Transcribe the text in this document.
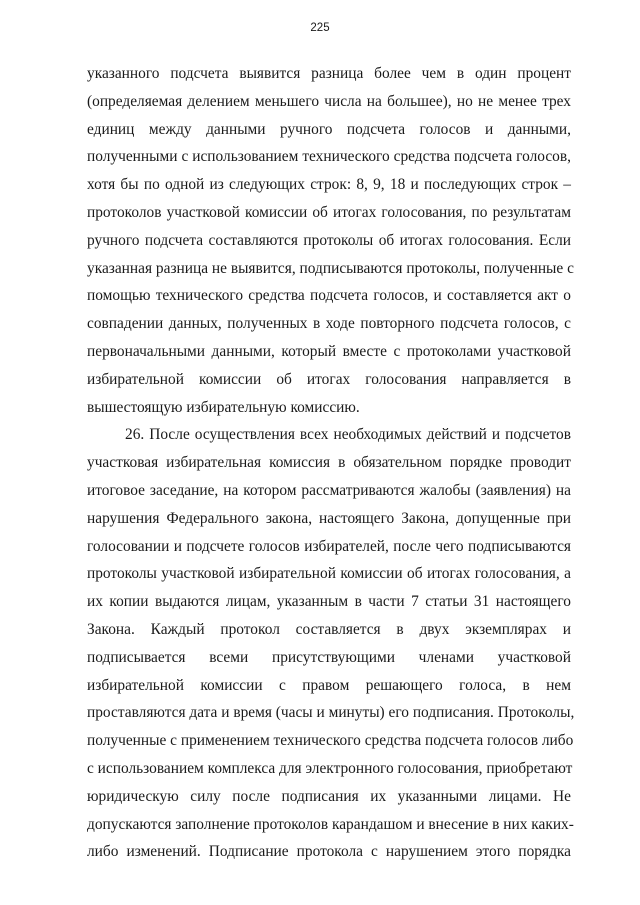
225
указанного подсчета выявится разница более чем в один процент
(определяемая делением меньшего числа на большее), но не менее трех
единиц между данными ручного подсчета голосов и данными,
полученными с использованием технического средства подсчета голосов,
хотя бы по одной из следующих строк: 8, 9, 18 и последующих строк –
протоколов участковой комиссии об итогах голосования, по результатам
ручного подсчета составляются протоколы об итогах голосования. Если
указанная разница не выявится, подписываются протоколы, полученные с
помощью технического средства подсчета голосов, и составляется акт о
совпадении данных, полученных в ходе повторного подсчета голосов, с
первоначальными данными, который вместе с протоколами участковой
избирательной комиссии об итогах голосования направляется в
вышестоящую избирательную комиссию.
26. После осуществления всех необходимых действий и подсчетов
участковая избирательная комиссия в обязательном порядке проводит
итоговое заседание, на котором рассматриваются жалобы (заявления) на
нарушения Федерального закона, настоящего Закона, допущенные при
голосовании и подсчете голосов избирателей, после чего подписываются
протоколы участковой избирательной комиссии об итогах голосования, а
их копии выдаются лицам, указанным в части 7 статьи 31 настоящего
Закона. Каждый протокол составляется в двух экземплярах и
подписывается всеми присутствующими членами участковой
избирательной комиссии с правом решающего голоса, в нем
проставляются дата и время (часы и минуты) его подписания. Протоколы,
полученные с применением технического средства подсчета голосов либо
с использованием комплекса для электронного голосования, приобретают
юридическую силу после подписания их указанными лицами. Не
допускаются заполнение протоколов карандашом и внесение в них каких-
либо изменений. Подписание протокола с нарушением этого порядка
